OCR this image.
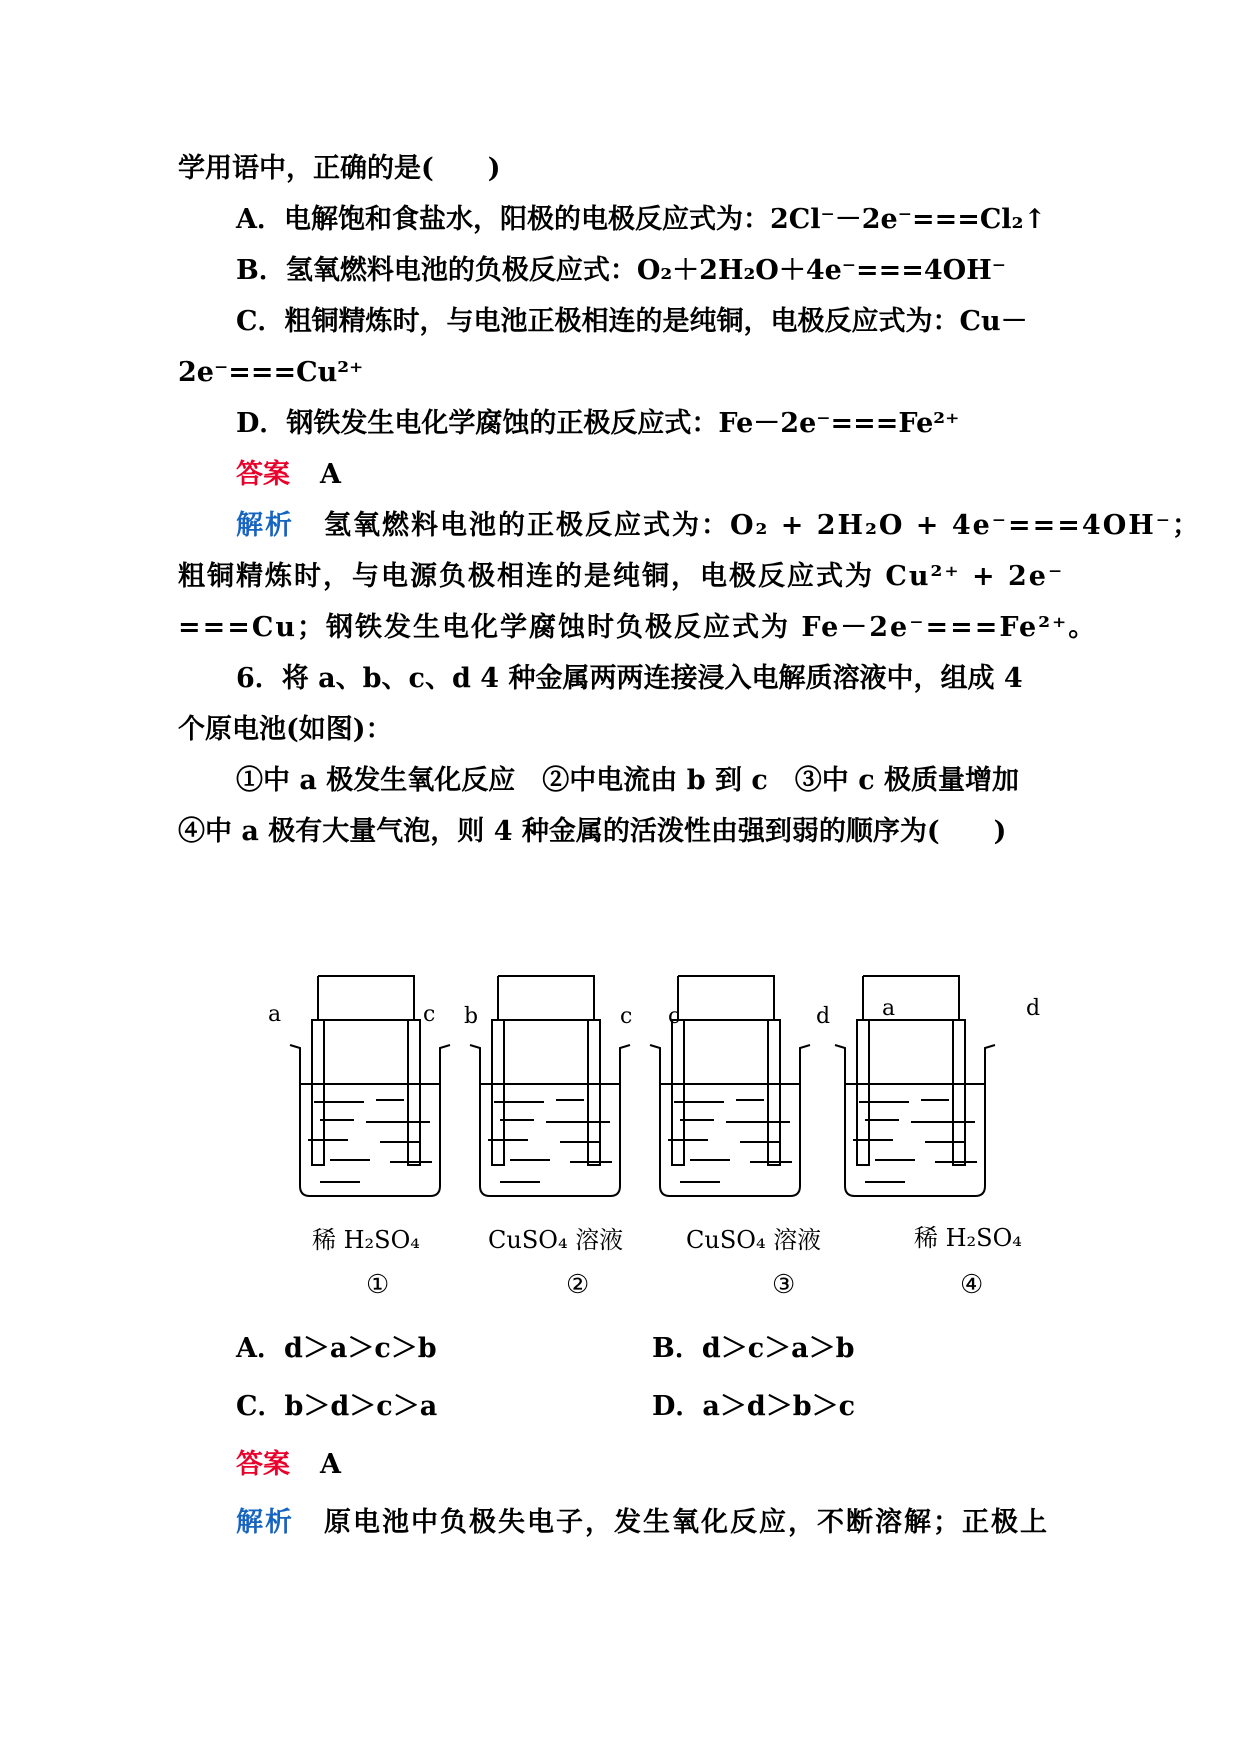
学用语中，正确的是(　　)
A．电解饱和食盐水，阳极的电极反应式为：2Cl⁻－2e⁻===Cl₂↑
B．氢氧燃料电池的负极反应式：O₂＋2H₂O＋4e⁻===4OH⁻
C．粗铜精炼时，与电池正极相连的是纯铜，电极反应式为：Cu－
2e⁻===Cu²⁺
D．钢铁发生电化学腐蚀的正极反应式：Fe－2e⁻===Fe²⁺
答案 A
解析 氢氧燃料电池的正极反应式为：O₂ + 2H₂O + 4e⁻===4OH⁻；
粗铜精炼时，与电源负极相连的是纯铜，电极反应式为 Cu²⁺ + 2e⁻
===Cu；钢铁发生电化学腐蚀时负极反应式为 Fe－2e⁻===Fe²⁺。
6．将 a、b、c、d 4 种金属两两连接浸入电解质溶液中，组成 4
个原电池(如图)：
①中 a 极发生氧化反应　②中电流由 b 到 c　③中 c 极质量增加
④中 a 极有大量气泡，则 4 种金属的活泼性由强到弱的顺序为(　　)
a	c b	c c	d a	d
稀 H₂SO₄	CuSO₄ 溶液	CuSO₄ 溶液	稀 H₂SO₄
①	②	③	④
A．d＞a＞c＞b	B．d＞c＞a＞b
C．b＞d＞c＞a	D．a＞d＞b＞c
答案 A
解析 原电池中负极失电子，发生氧化反应，不断溶解；正极上
